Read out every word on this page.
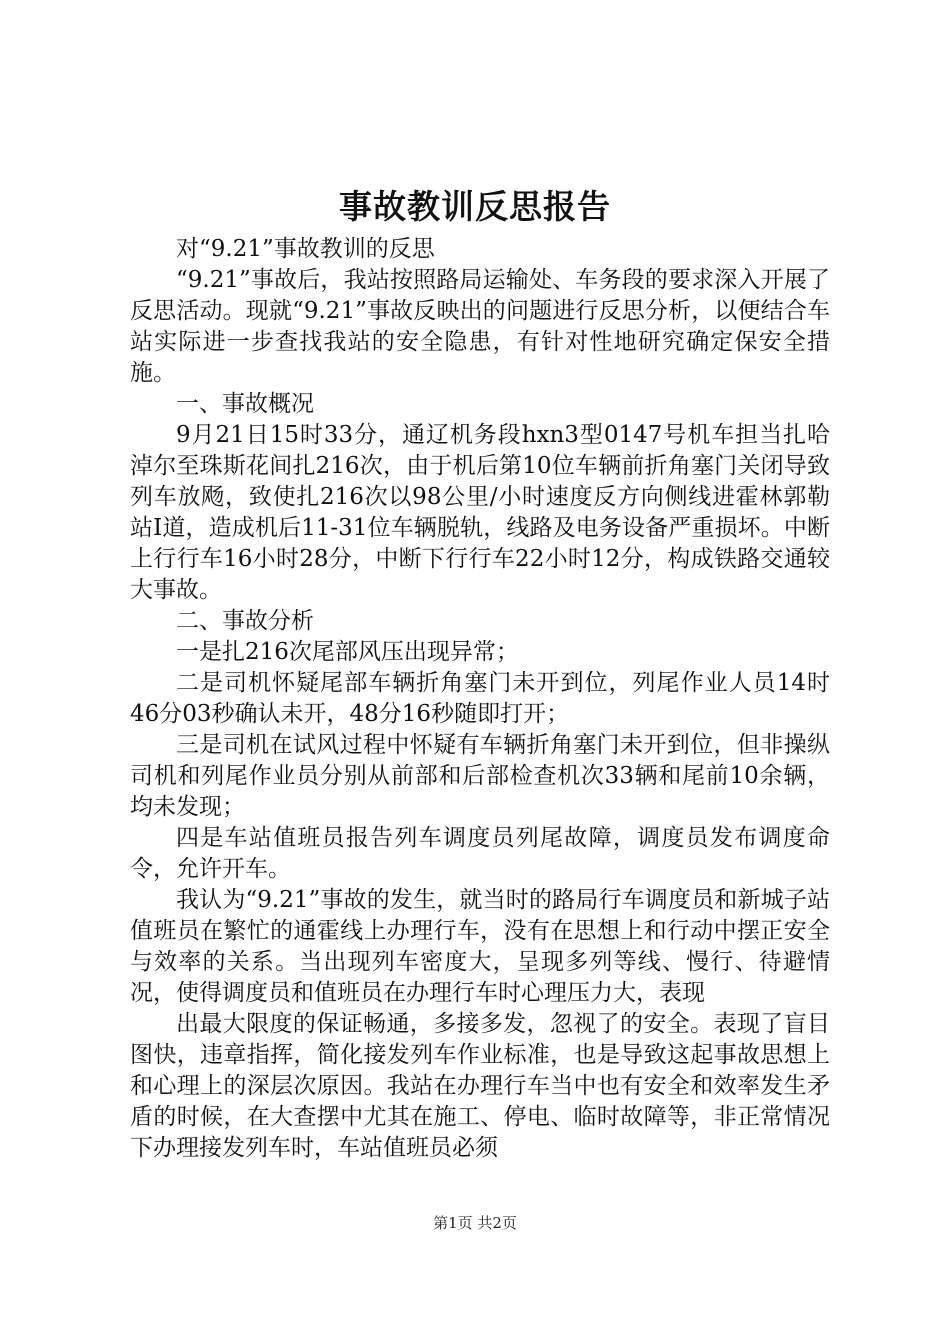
事故教训反思报告

对“9.21”事故教训的反思

“9.21”事故后，我站按照路局运输处、车务段的要求深入开展了反思活动。现就“9.21”事故反映出的问题进行反思分析，以便结合车站实际进一步查找我站的安全隐患，有针对性地研究确定保安全措施。

一、事故概况

9月21日15时33分，通辽机务段hxn3型0147号机车担当扎哈淖尔至珠斯花间扎216次，由于机后第10位车辆前折角塞门关闭导致列车放飏，致使扎216次以98公里/小时速度反方向侧线进霍林郭勒站Ⅰ道，造成机后11-31位车辆脱轨，线路及电务设备严重损坏。中断上行行车16小时28分，中断下行行车22小时12分，构成铁路交通较大事故。

二、事故分析

一是扎216次尾部风压出现异常；

二是司机怀疑尾部车辆折角塞门未开到位，列尾作业人员14时46分03秒确认未开，48分16秒随即打开；

三是司机在试风过程中怀疑有车辆折角塞门未开到位，但非操纵司机和列尾作业员分别从前部和后部检查机次33辆和尾前10余辆，均未发现；

四是车站值班员报告列车调度员列尾故障，调度员发布调度命令，允许开车。

我认为“9.21”事故的发生，就当时的路局行车调度员和新城子站值班员在繁忙的通霍线上办理行车，没有在思想上和行动中摆正安全与效率的关系。当出现列车密度大，呈现多列等线、慢行、待避情况，使得调度员和值班员在办理行车时心理压力大，表现

出最大限度的保证畅通，多接多发，忽视了的安全。表现了盲目图快，违章指挥，简化接发列车作业标准，也是导致这起事故思想上和心理上的深层次原因。我站在办理行车当中也有安全和效率发生矛盾的时候，在大查摆中尤其在施工、停电、临时故障等，非正常情况下办理接发列车时，车站值班员必须

第1页 共2页
